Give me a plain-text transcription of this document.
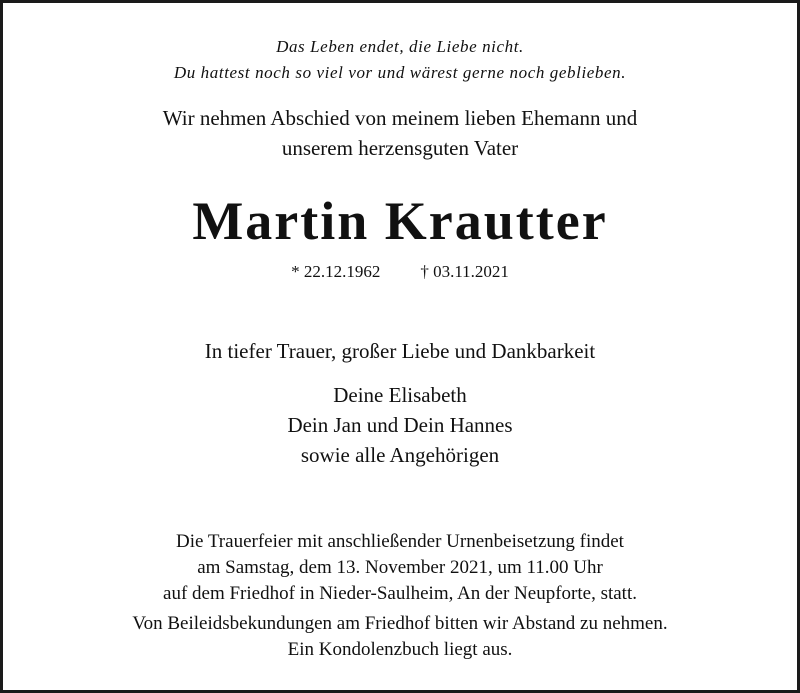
Das Leben endet, die Liebe nicht.
Du hattest noch so viel vor und wärest gerne noch geblieben.
Wir nehmen Abschied von meinem lieben Ehemann und
unserem herzensguten Vater
Martin Krautter
* 22.12.1962 † 03.11.2021
In tiefer Trauer, großer Liebe und Dankbarkeit
Deine Elisabeth
Dein Jan und Dein Hannes
sowie alle Angehörigen
Die Trauerfeier mit anschließender Urnenbeisetzung findet
am Samstag, dem 13. November 2021, um 11.00 Uhr
auf dem Friedhof in Nieder-Saulheim, An der Neupforte, statt.
Von Beileidsbekundungen am Friedhof bitten wir Abstand zu nehmen.
Ein Kondolenzbuch liegt aus.
